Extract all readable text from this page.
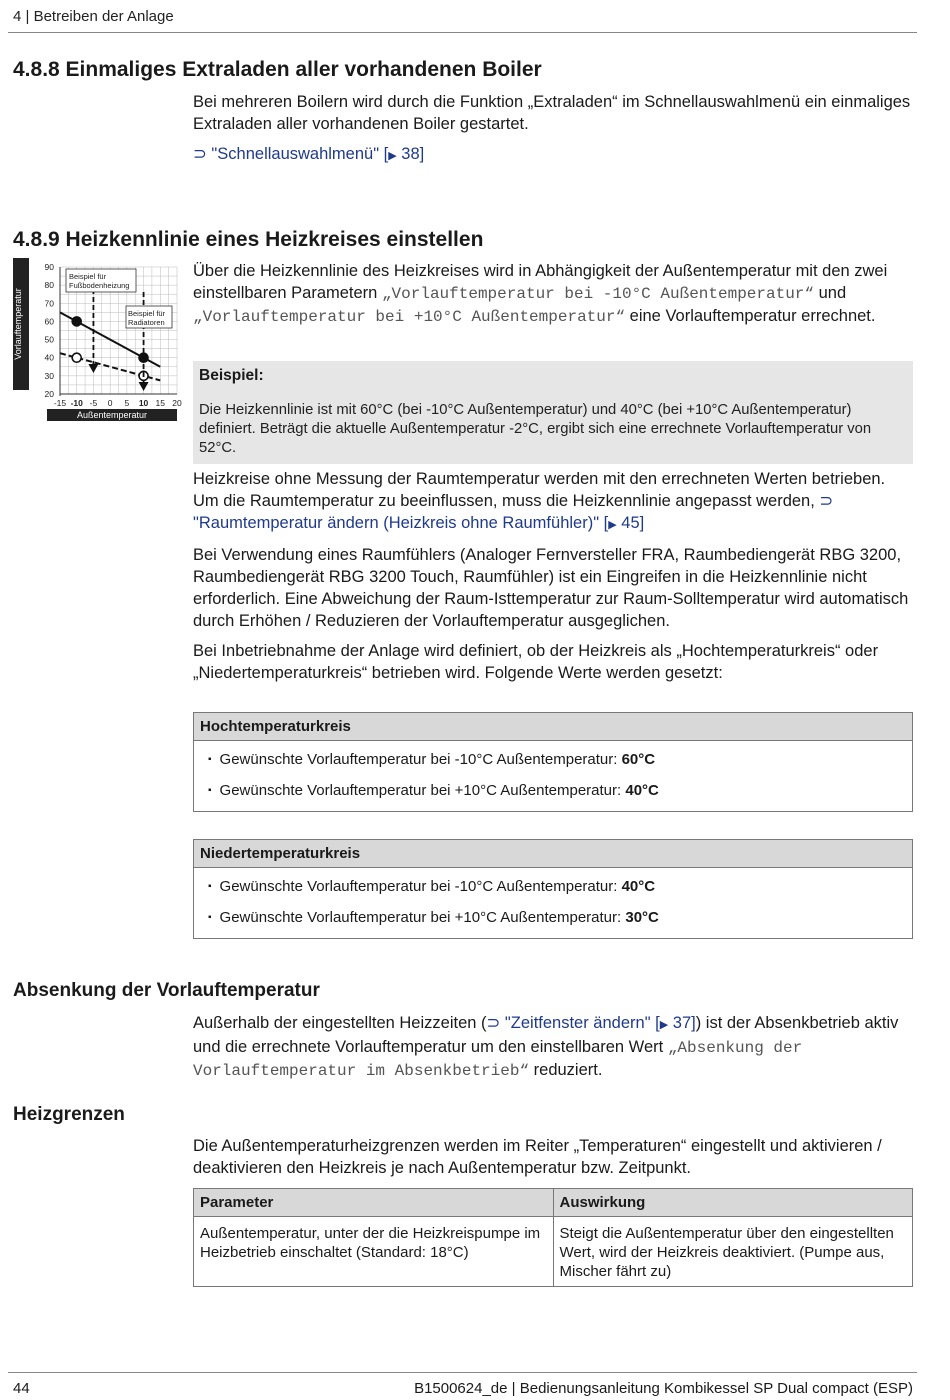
4 | Betreiben der Anlage
4.8.8 Einmaliges Extraladen aller vorhandenen Boiler

Bei mehreren Boilern wird durch die Funktion „Extraladen“ im Schnellauswahlmenü ein einmaliges Extraladen aller vorhandenen Boiler gestartet.

⊃ "Schnellauswahlmenü" [▶ 38]

4.8.9 Heizkennlinie eines Heizkreises einstellen
Vorlauftemperatur
90
80
70
60
50
40
30
20
-15 -10 -5 0 5 10 15 20
Außentemperatur
Beispiel für
Fußbodenheizung
Beispiel für
Radiatoren

Über die Heizkennlinie des Heizkreises wird in Abhängigkeit der Außentemperatur mit den zwei einstellbaren Parametern „Vorlauftemperatur bei -10°C Außentemperatur“ und „Vorlauftemperatur bei +10°C Außentemperatur“ eine Vorlauftemperatur errechnet.

Beispiel:
Die Heizkennlinie ist mit 60°C (bei -10°C Außentemperatur) und 40°C (bei +10°C Außentemperatur) definiert. Beträgt die aktuelle Außentemperatur -2°C, ergibt sich eine errechnete Vorlauftemperatur von 52°C.

Heizkreise ohne Messung der Raumtemperatur werden mit den errechneten Werten betrieben. Um die Raumtemperatur zu beeinflussen, muss die Heizkennlinie angepasst werden, ⊃ "Raumtemperatur ändern (Heizkreis ohne Raumfühler)" [▶ 45]

Bei Verwendung eines Raumfühlers (Analoger Fernversteller FRA, Raumbediengerät RBG 3200, Raumbediengerät RBG 3200 Touch, Raumfühler) ist ein Eingreifen in die Heizkennlinie nicht erforderlich. Eine Abweichung der Raum-Isttemperatur zur Raum-Solltemperatur wird automatisch durch Erhöhen / Reduzieren der Vorlauftemperatur ausgeglichen.

Bei Inbetriebnahme der Anlage wird definiert, ob der Heizkreis als „Hochtemperaturkreis“ oder „Niedertemperaturkreis“ betrieben wird. Folgende Werte werden gesetzt:

Hochtemperaturkreis

▪ Gewünschte Vorlauftemperatur bei -10°C Außentemperatur: 60°C
▪ Gewünschte Vorlauftemperatur bei +10°C Außentemperatur: 40°C
Niedertemperaturkreis

▪ Gewünschte Vorlauftemperatur bei -10°C Außentemperatur: 40°C
▪ Gewünschte Vorlauftemperatur bei +10°C Außentemperatur: 30°C
Absenkung der Vorlauftemperatur

Außerhalb der eingestellten Heizzeiten (⊃ "Zeitfenster ändern" [▶ 37]) ist der Absenkbetrieb aktiv und die errechnete Vorlauftemperatur um den einstellbaren Wert „Absenkung der Vorlauftemperatur im Absenkbetrieb“ reduziert.

Heizgrenzen

Die Außentemperaturheizgrenzen werden im Reiter „Temperaturen“ eingestellt und aktivieren / deaktivieren den Heizkreis je nach Außentemperatur bzw. Zeitpunkt.

Parameter	Auswirkung
Außentemperatur, unter der die Heizkreispumpe im Heizbetrieb einschaltet (Standard: 18°C)	Steigt die Außentemperatur über den eingestellten Wert, wird der Heizkreis deaktiviert. (Pumpe aus, Mischer fährt zu)
44	B1500624_de | Bedienungsanleitung Kombikessel SP Dual compact (ESP)
